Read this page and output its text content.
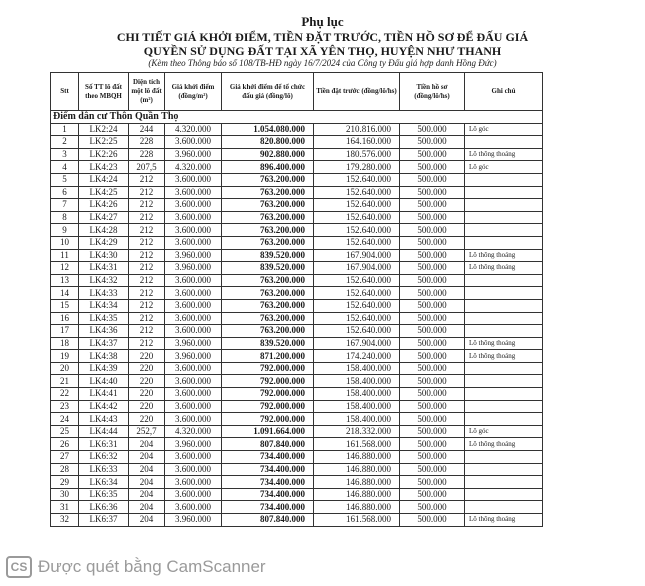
Phụ lục
CHI TIẾT GIÁ KHỞI ĐIỂM, TIỀN ĐẶT TRƯỚC, TIỀN HỒ SƠ ĐỂ ĐẤU GIÁ
QUYỀN SỬ DỤNG ĐẤT TẠI XÃ YÊN THỌ, HUYỆN NHƯ THANH
(Kèm theo Thông báo số 108/TB-HĐ ngày 16/7/2024 của Công ty Đấu giá hợp danh Hồng Đức)
Stt	Số TT lô đất theo MBQH	Diện tích một lô đất (m²)	Giá khởi điểm (đồng/m²)	Giá khởi điểm để tổ chức đấu giá (đồng/lô)	Tiền đặt trước (đồng/lô/hs)	Tiền hồ sơ (đồng/lô/hs)	Ghi chú
Điểm dân cư Thôn Quần Thọ							
1	LK2:24	244	4.320.000	1.054.080.000	210.816.000	500.000	Lô góc
2	LK2:25	228	3.600.000	820.800.000	164.160.000	500.000	
3	LK2:26	228	3.960.000	902.880.000	180.576.000	500.000	Lô thông thoáng
4	LK4:23	207,5	4.320.000	896.400.000	179.280.000	500.000	Lô góc
5	LK4:24	212	3.600.000	763.200.000	152.640.000	500.000	
6	LK4:25	212	3.600.000	763.200.000	152.640.000	500.000	
7	LK4:26	212	3.600.000	763.200.000	152.640.000	500.000	
8	LK4:27	212	3.600.000	763.200.000	152.640.000	500.000	
9	LK4:28	212	3.600.000	763.200.000	152.640.000	500.000	
10	LK4:29	212	3.600.000	763.200.000	152.640.000	500.000	
11	LK4:30	212	3.960.000	839.520.000	167.904.000	500.000	Lô thông thoáng
12	LK4:31	212	3.960.000	839.520.000	167.904.000	500.000	Lô thông thoáng
13	LK4:32	212	3.600.000	763.200.000	152.640.000	500.000	
14	LK4:33	212	3.600.000	763.200.000	152.640.000	500.000	
15	LK4:34	212	3.600.000	763.200.000	152.640.000	500.000	
16	LK4:35	212	3.600.000	763.200.000	152.640.000	500.000	
17	LK4:36	212	3.600.000	763.200.000	152.640.000	500.000	
18	LK4:37	212	3.960.000	839.520.000	167.904.000	500.000	Lô thông thoáng
19	LK4:38	220	3.960.000	871.200.000	174.240.000	500.000	Lô thông thoáng
20	LK4:39	220	3.600.000	792.000.000	158.400.000	500.000	
21	LK4:40	220	3.600.000	792.000.000	158.400.000	500.000	
22	LK4:41	220	3.600.000	792.000.000	158.400.000	500.000	
23	LK4:42	220	3.600.000	792.000.000	158.400.000	500.000	
24	LK4:43	220	3.600.000	792.000.000	158.400.000	500.000	
25	LK4:44	252,7	4.320.000	1.091.664.000	218.332.000	500.000	Lô góc
26	LK6:31	204	3.960.000	807.840.000	161.568.000	500.000	Lô thông thoáng
27	LK6:32	204	3.600.000	734.400.000	146.880.000	500.000	
28	LK6:33	204	3.600.000	734.400.000	146.880.000	500.000	
29	LK6:34	204	3.600.000	734.400.000	146.880.000	500.000	
30	LK6:35	204	3.600.000	734.400.000	146.880.000	500.000	
31	LK6:36	204	3.600.000	734.400.000	146.880.000	500.000	
32	LK6:37	204	3.960.000	807.840.000	161.568.000	500.000	Lô thông thoáng
CS Được quét bằng CamScanner
